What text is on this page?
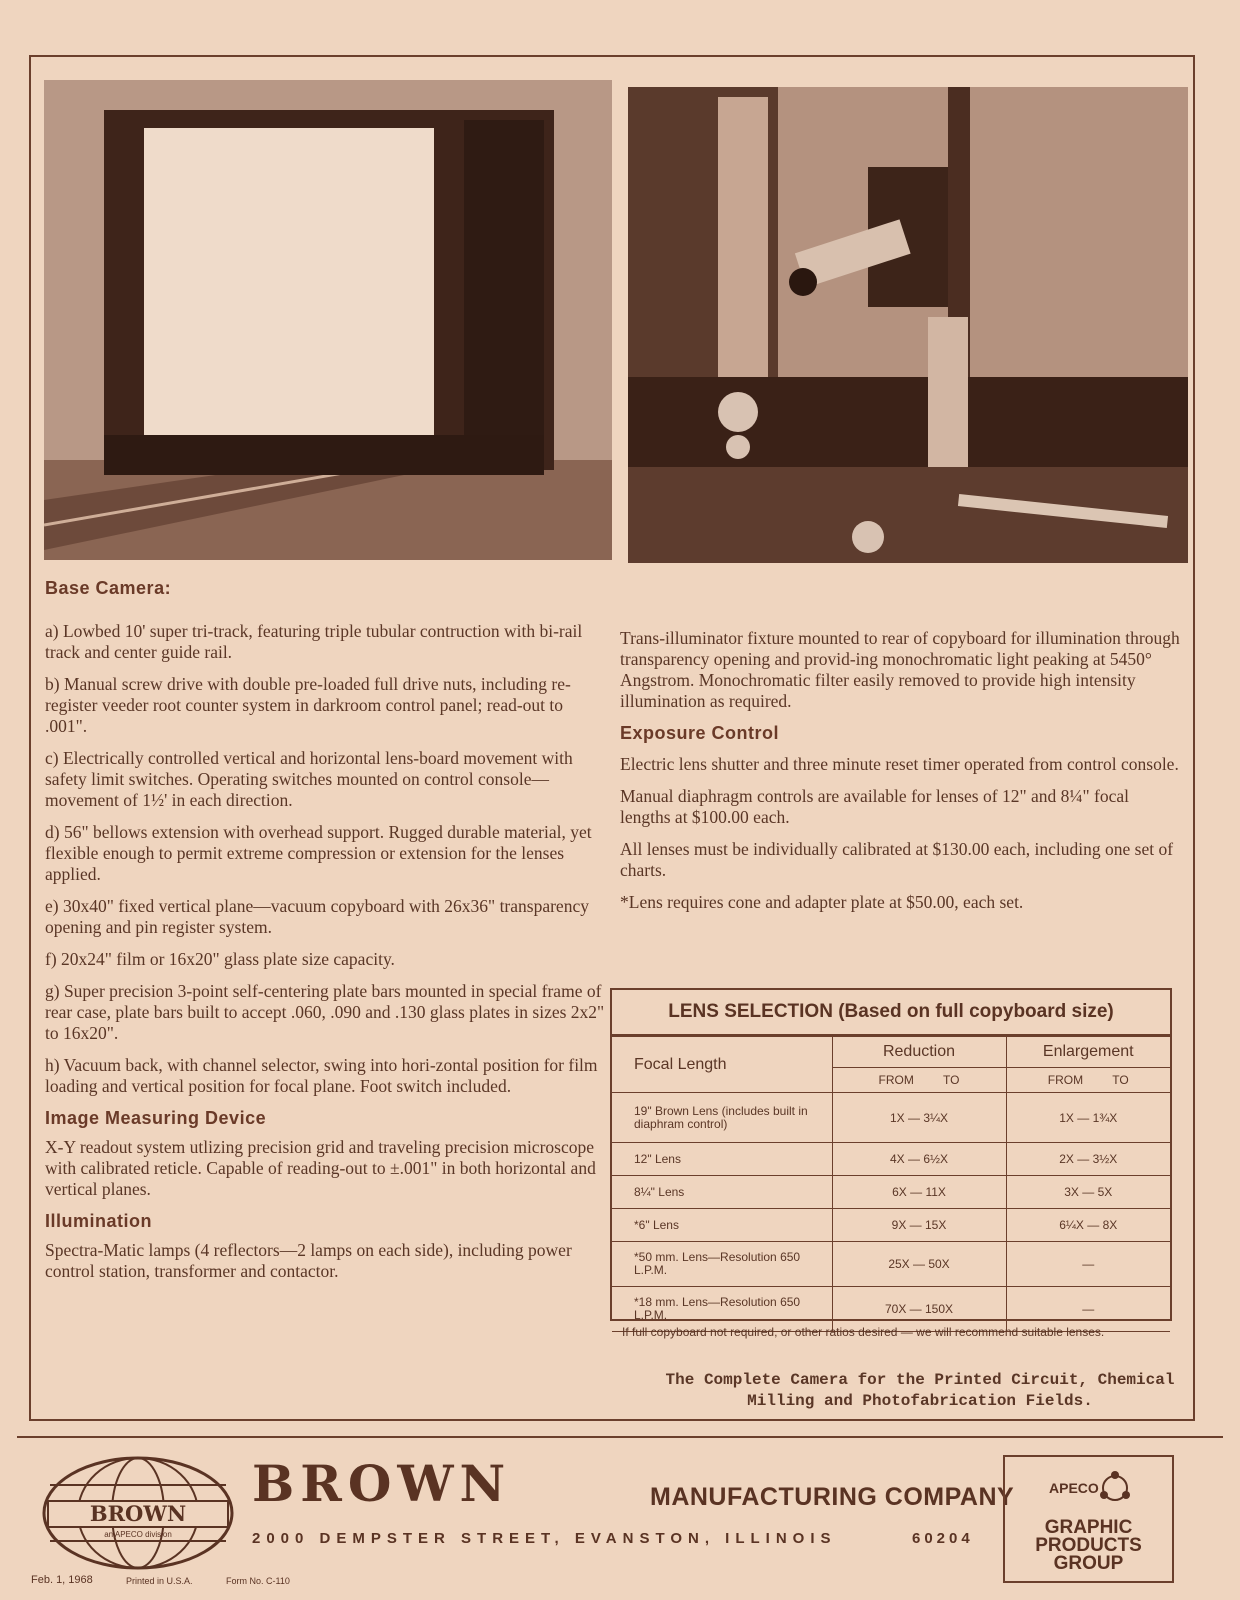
Base Camera:

a) Lowbed 10' super tri-track, featuring triple tubular contruction with bi-rail track and center guide rail.

b) Manual screw drive with double pre-loaded full drive nuts, including re-register veeder root counter system in darkroom control panel; read-out to .001".

c) Electrically controlled vertical and horizontal lens-board movement with safety limit switches. Operating switches mounted on control console—movement of 1½' in each direction.

d) 56" bellows extension with overhead support. Rugged durable material, yet flexible enough to permit extreme compression or extension for the lenses applied.

e) 30x40" fixed vertical plane—vacuum copyboard with 26x36" transparency opening and pin register system.

f) 20x24" film or 16x20" glass plate size capacity.

g) Super precision 3-point self-centering plate bars mounted in special frame of rear case, plate bars built to accept .060, .090 and .130 glass plates in sizes 2x2" to 16x20".

h) Vacuum back, with channel selector, swing into hori-zontal position for film loading and vertical position for focal plane. Foot switch included.

Image Measuring Device

X-Y readout system utlizing precision grid and traveling precision microscope with calibrated reticle. Capable of reading-out to ±.001" in both horizontal and vertical planes.

Illumination

Spectra-Matic lamps (4 reflectors—2 lamps on each side), including power control station, transformer and contactor.

Trans-illuminator fixture mounted to rear of copyboard for illumination through transparency opening and provid-ing monochromatic light peaking at 5450° Angstrom. Monochromatic filter easily removed to provide high intensity illumination as required.

Exposure Control

Electric lens shutter and three minute reset timer operated from control console.

Manual diaphragm controls are available for lenses of 12" and 8¼" focal lengths at $100.00 each.

All lenses must be individually calibrated at $130.00 each, including one set of charts.

*Lens requires cone and adapter plate at $50.00, each set.

LENS SELECTION (Based on full copyboard size)
Focal Length	Reduction	Enlargement
	FROM TO	FROM TO
19" Brown Lens (includes built in diaphram control)	1X — 3¼X	1X — 1¾X
12" Lens	4X — 6½X	2X — 3½X
8¼" Lens	6X — 11X	3X — 5X
*6" Lens	9X — 15X	6¼X — 8X
*50 mm. Lens—Resolution 650 L.P.M.	25X — 50X	—
*18 mm. Lens—Resolution 650 L.P.M.	70X — 150X	—
If full copyboard not required, or other ratios desired — we will recommend suitable lenses.
The Complete Camera for the Printed Circuit, Chemical Milling and Photofabrication Fields.
BROWN
an APECO division
BROWN	MANUFACTURING COMPANY
2000 DEMPSTER STREET, EVANSTON, ILLINOIS	60204
APECO
GRAPHIC
PRODUCTS
GROUP
Feb. 1, 1968	Printed in U.S.A.	Form No. C-110
